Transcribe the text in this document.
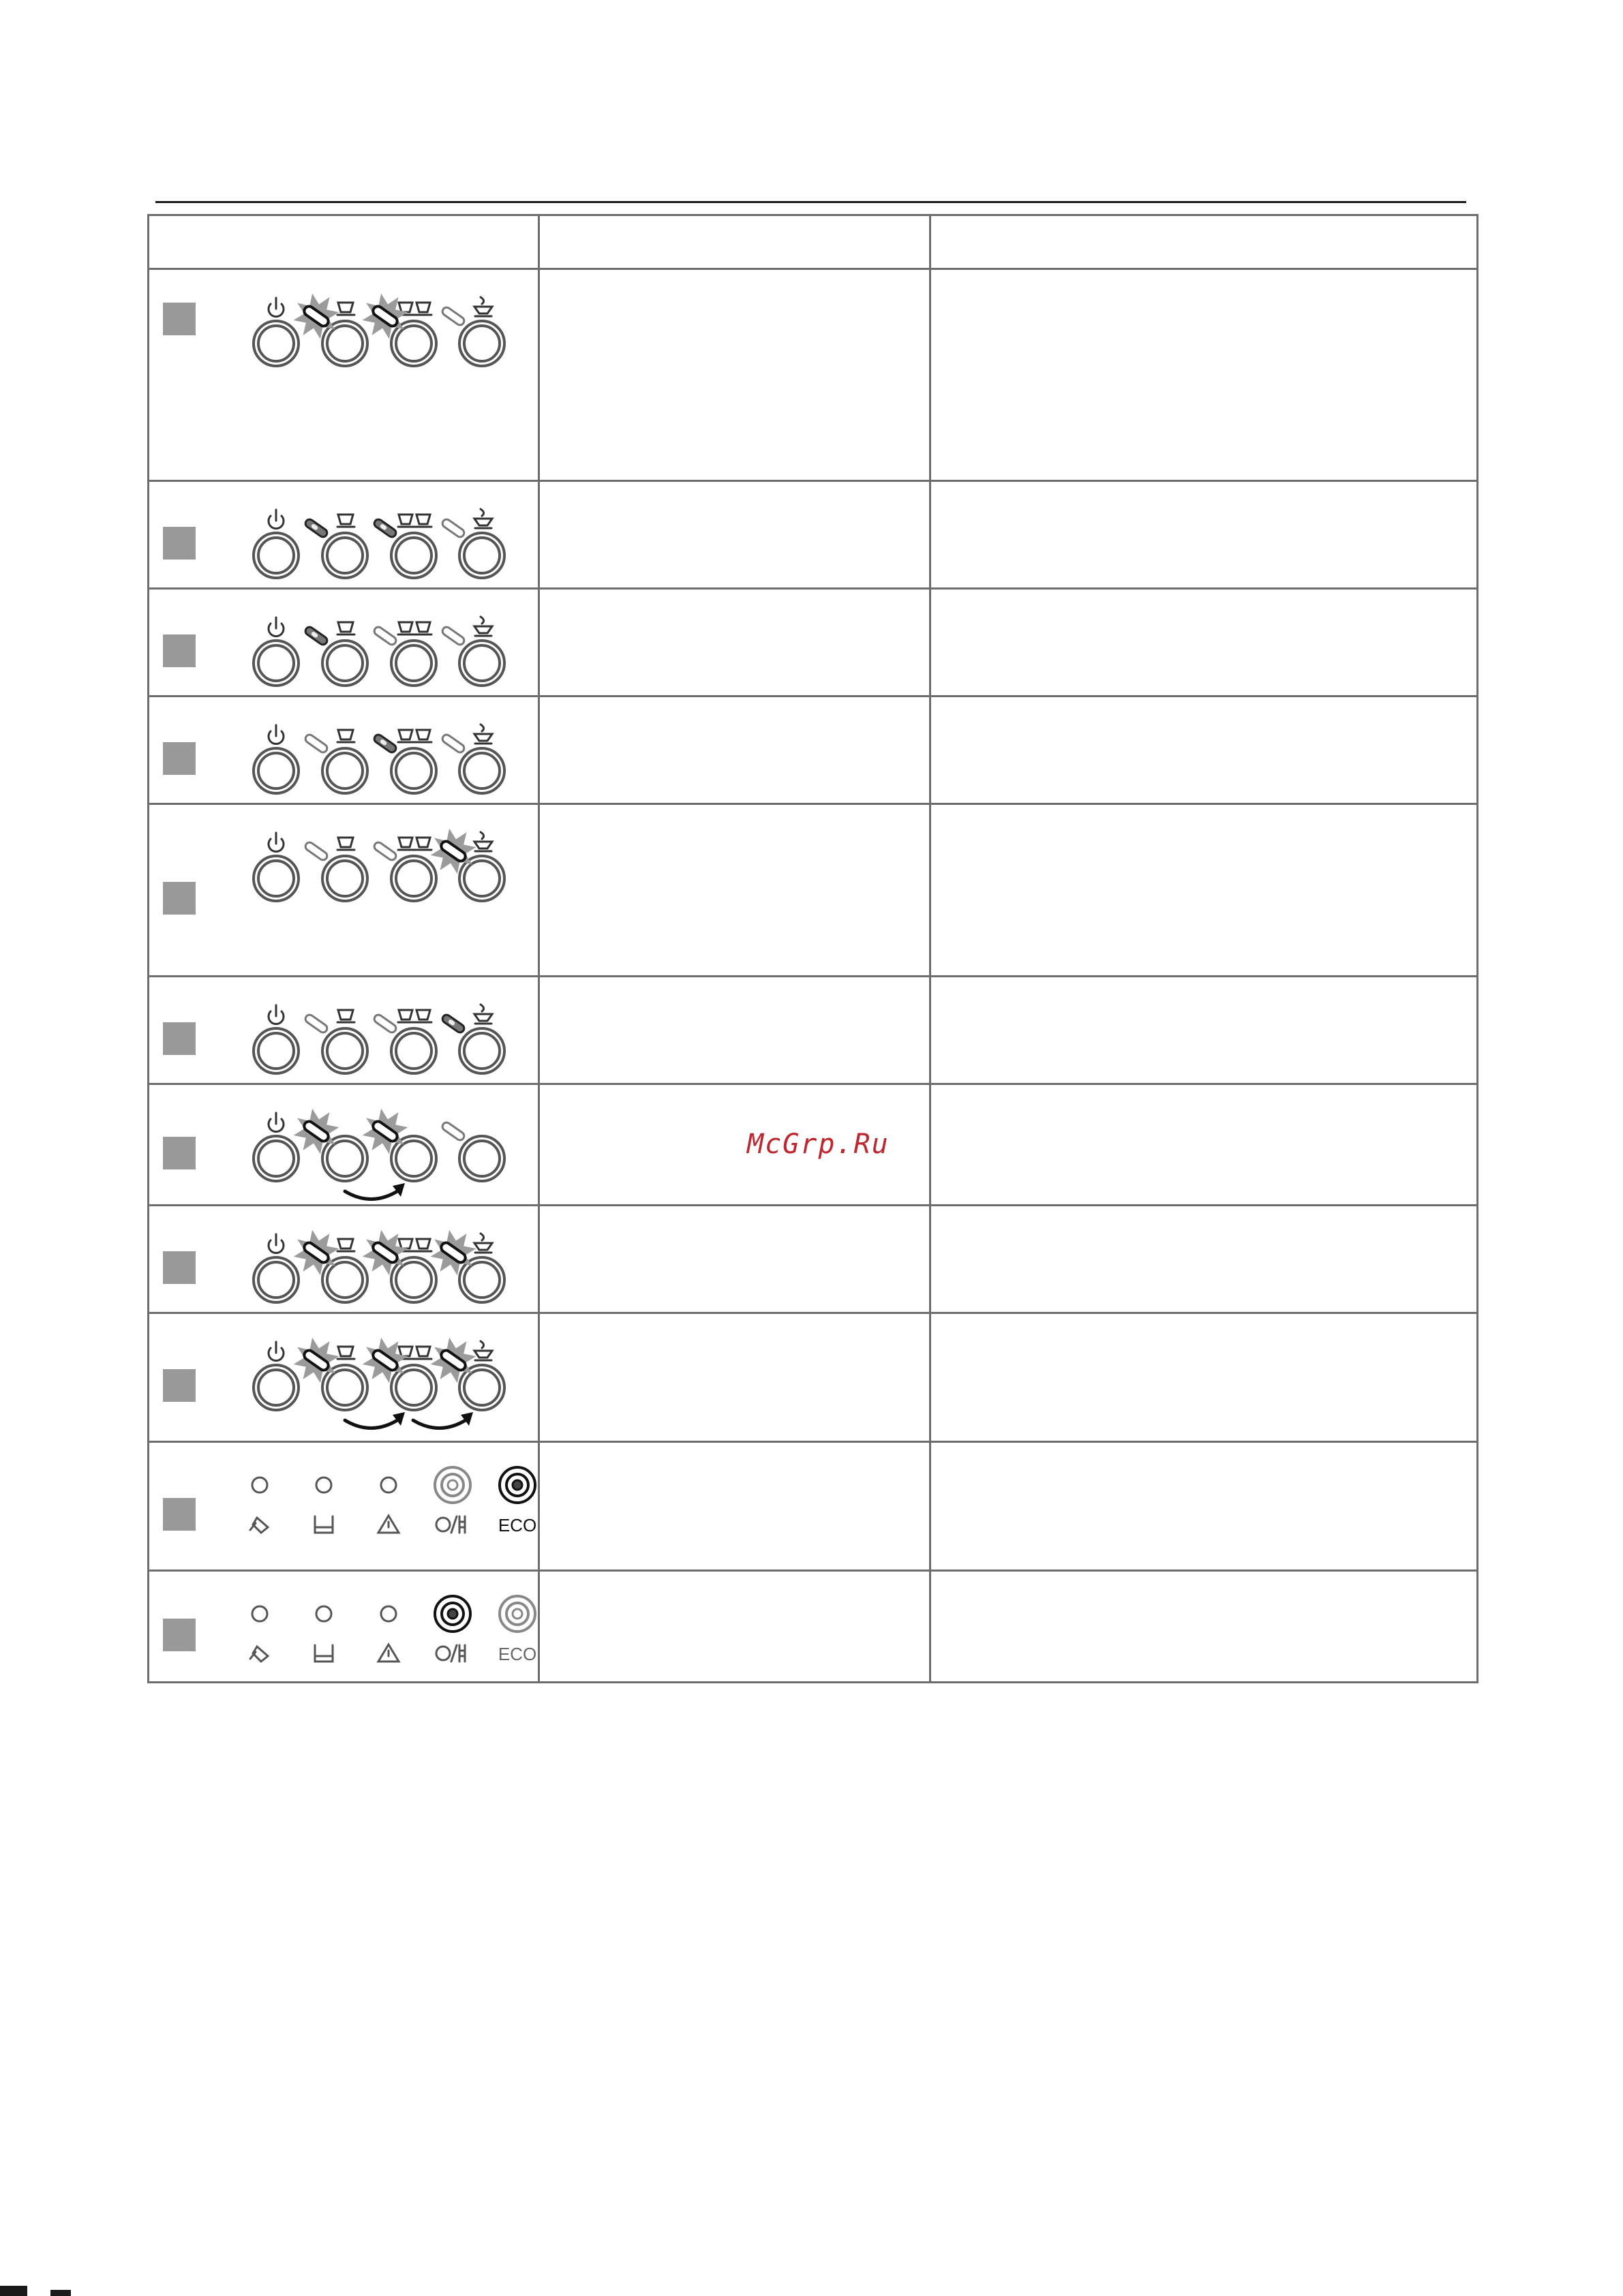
ECO		

ECO		

McGrp.Ru
